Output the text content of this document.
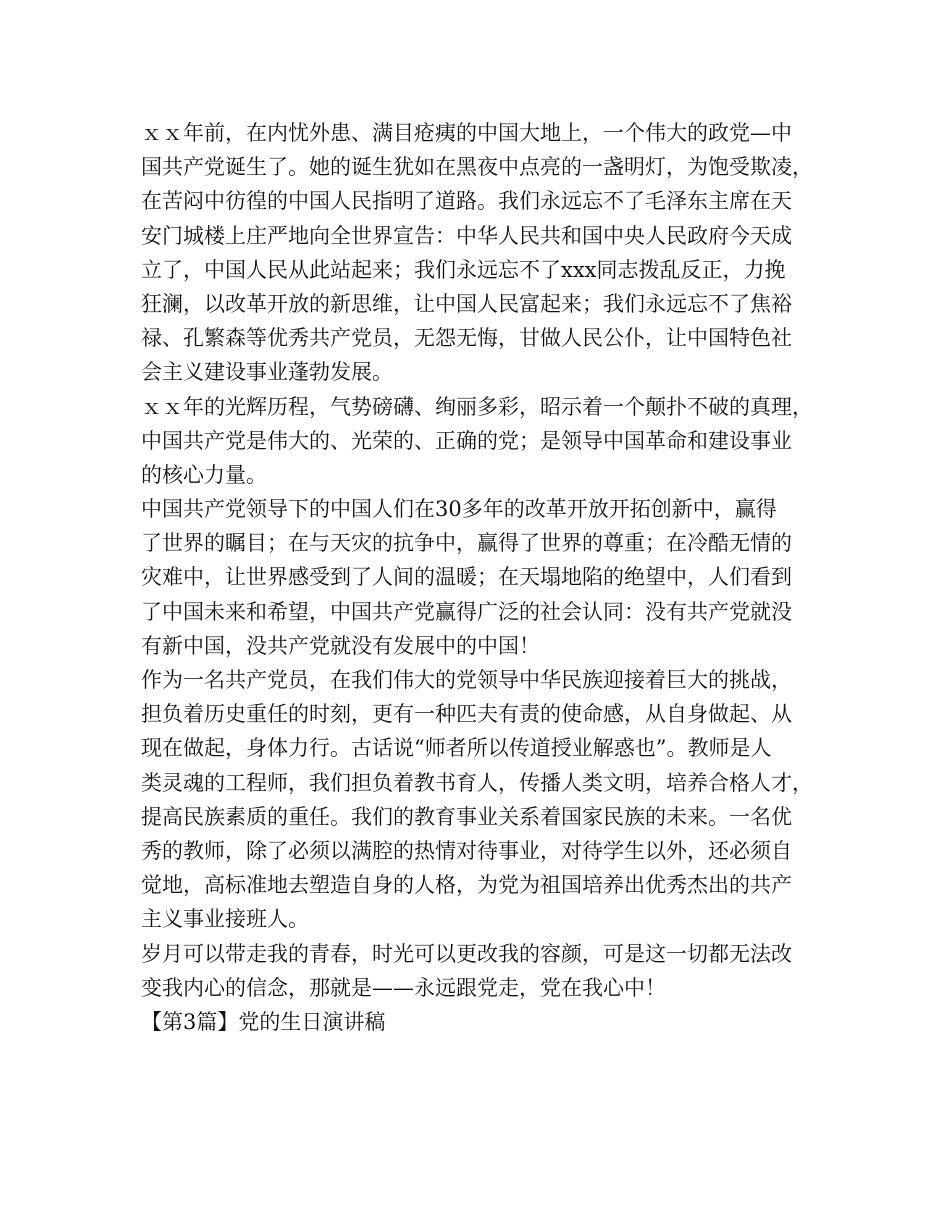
ｘｘ年前，在内忧外患、满目疮痍的中国大地上，一个伟大的政党—中
国共产党诞生了。她的诞生犹如在黑夜中点亮的一盏明灯，为饱受欺凌，
在苦闷中彷徨的中国人民指明了道路。我们永远忘不了毛泽东主席在天
安门城楼上庄严地向全世界宣告：中华人民共和国中央人民政府今天成
立了，中国人民从此站起来；我们永远忘不了xxx同志拨乱反正，力挽
狂澜，以改革开放的新思维，让中国人民富起来；我们永远忘不了焦裕
禄、孔繁森等优秀共产党员，无怨无悔，甘做人民公仆，让中国特色社
会主义建设事业蓬勃发展。
ｘｘ年的光辉历程，气势磅礴、绚丽多彩，昭示着一个颠扑不破的真理，
中国共产党是伟大的、光荣的、正确的党；是领导中国革命和建设事业
的核心力量。
中国共产党领导下的中国人们在30多年的改革开放开拓创新中，赢得
了世界的瞩目；在与天灾的抗争中，赢得了世界的尊重；在冷酷无情的
灾难中，让世界感受到了人间的温暖；在天塌地陷的绝望中，人们看到
了中国未来和希望，中国共产党赢得广泛的社会认同：没有共产党就没
有新中国，没共产党就没有发展中的中国！
作为一名共产党员，在我们伟大的党领导中华民族迎接着巨大的挑战，
担负着历史重任的时刻，更有一种匹夫有责的使命感，从自身做起、从
现在做起，身体力行。古话说“师者所以传道授业解惑也”。教师是人
类灵魂的工程师，我们担负着教书育人，传播人类文明，培养合格人才，
提高民族素质的重任。我们的教育事业关系着国家民族的未来。一名优
秀的教师，除了必须以满腔的热情对待事业，对待学生以外，还必须自
觉地，高标准地去塑造自身的人格，为党为祖国培养出优秀杰出的共产
主义事业接班人。
岁月可以带走我的青春，时光可以更改我的容颜，可是这一切都无法改
变我内心的信念，那就是——永远跟党走，党在我心中！
【第3篇】党的生日演讲稿
